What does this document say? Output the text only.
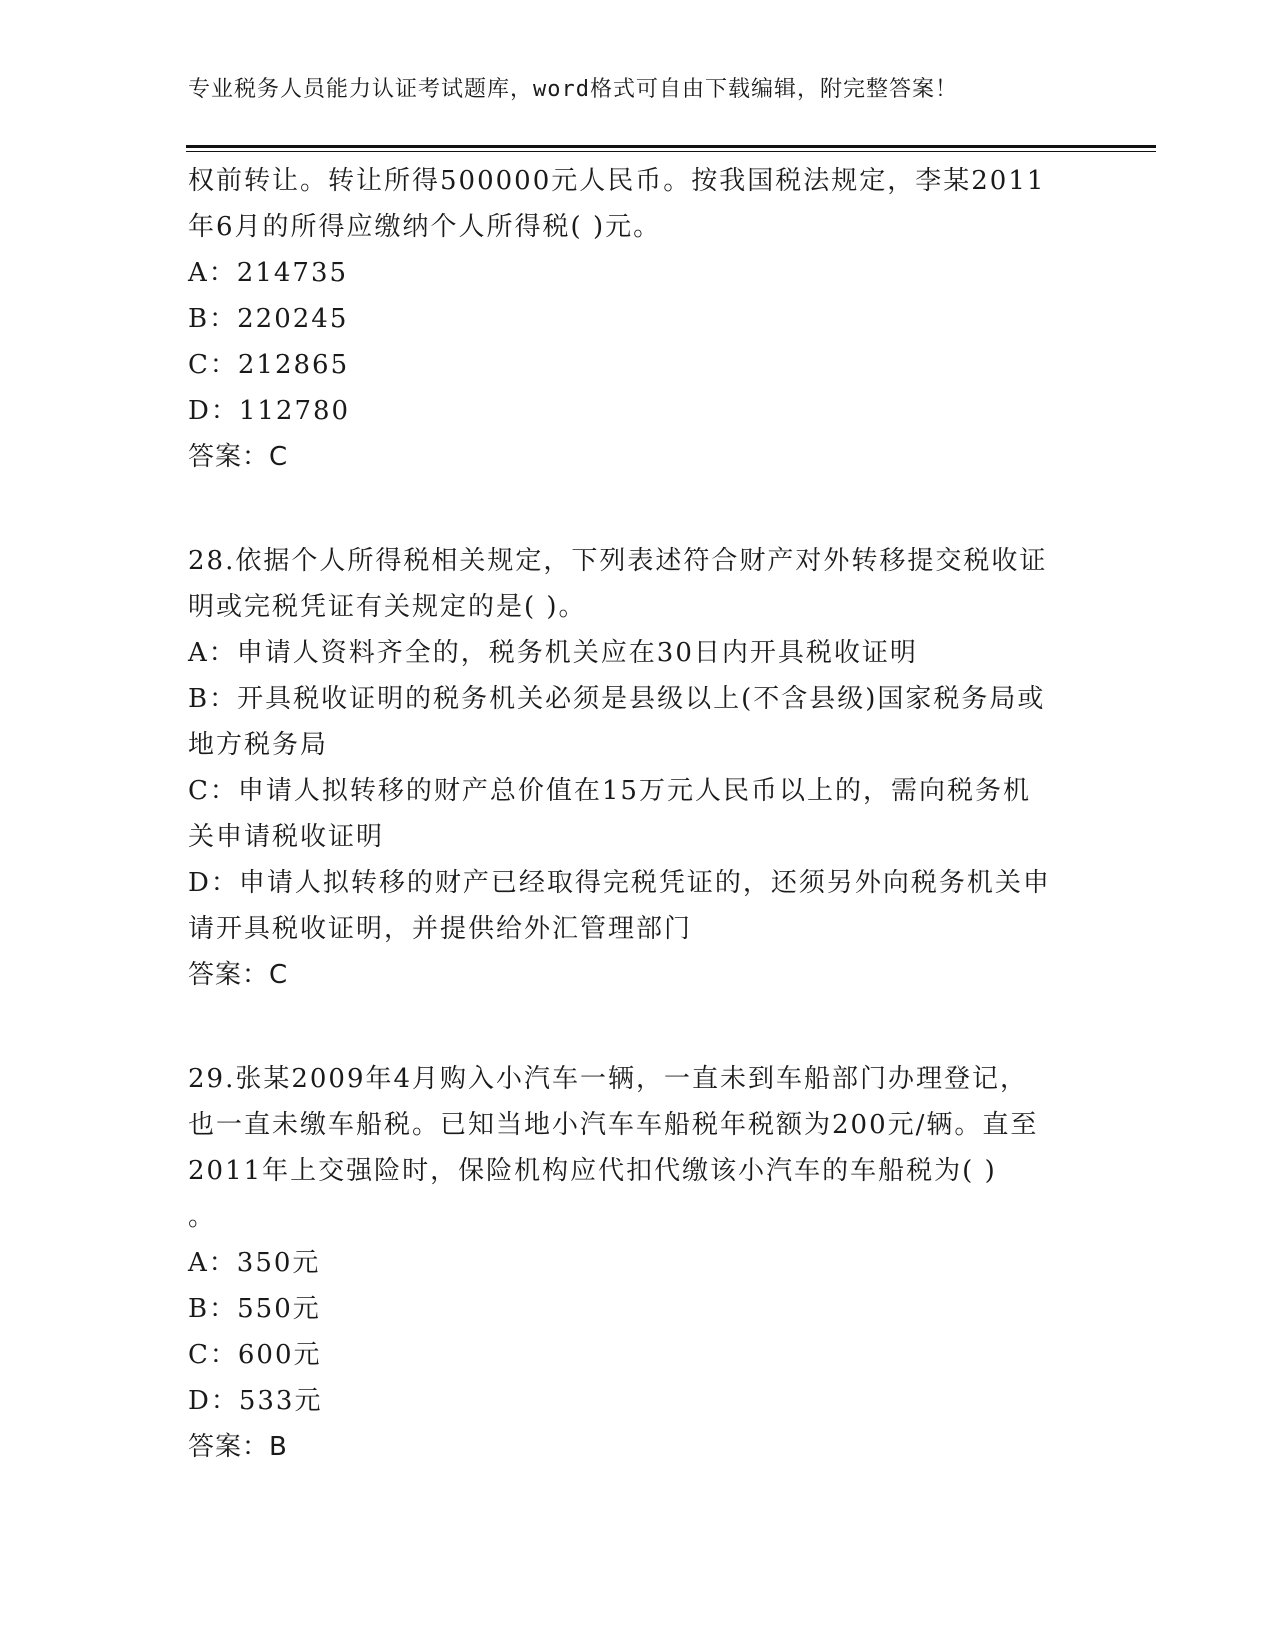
专业税务人员能力认证考试题库，word格式可自由下载编辑，附完整答案！
权前转让。转让所得500000元人民币。按我国税法规定，李某2011
年6月的所得应缴纳个人所得税( )元。
A：214735
B：220245
C：212865
D：112780
答案：C
28.依据个人所得税相关规定，下列表述符合财产对外转移提交税收证
明或完税凭证有关规定的是( )。
A：申请人资料齐全的，税务机关应在30日内开具税收证明
B：开具税收证明的税务机关必须是县级以上(不含县级)国家税务局或
地方税务局
C：申请人拟转移的财产总价值在15万元人民币以上的，需向税务机
关申请税收证明
D：申请人拟转移的财产已经取得完税凭证的，还须另外向税务机关申
请开具税收证明，并提供给外汇管理部门
答案：C
29.张某2009年4月购入小汽车一辆，一直未到车船部门办理登记，
也一直未缴车船税。已知当地小汽车车船税年税额为200元/辆。直至
2011年上交强险时，保险机构应代扣代缴该小汽车的车船税为( )
。
A：350元
B：550元
C：600元
D：533元
答案：B
